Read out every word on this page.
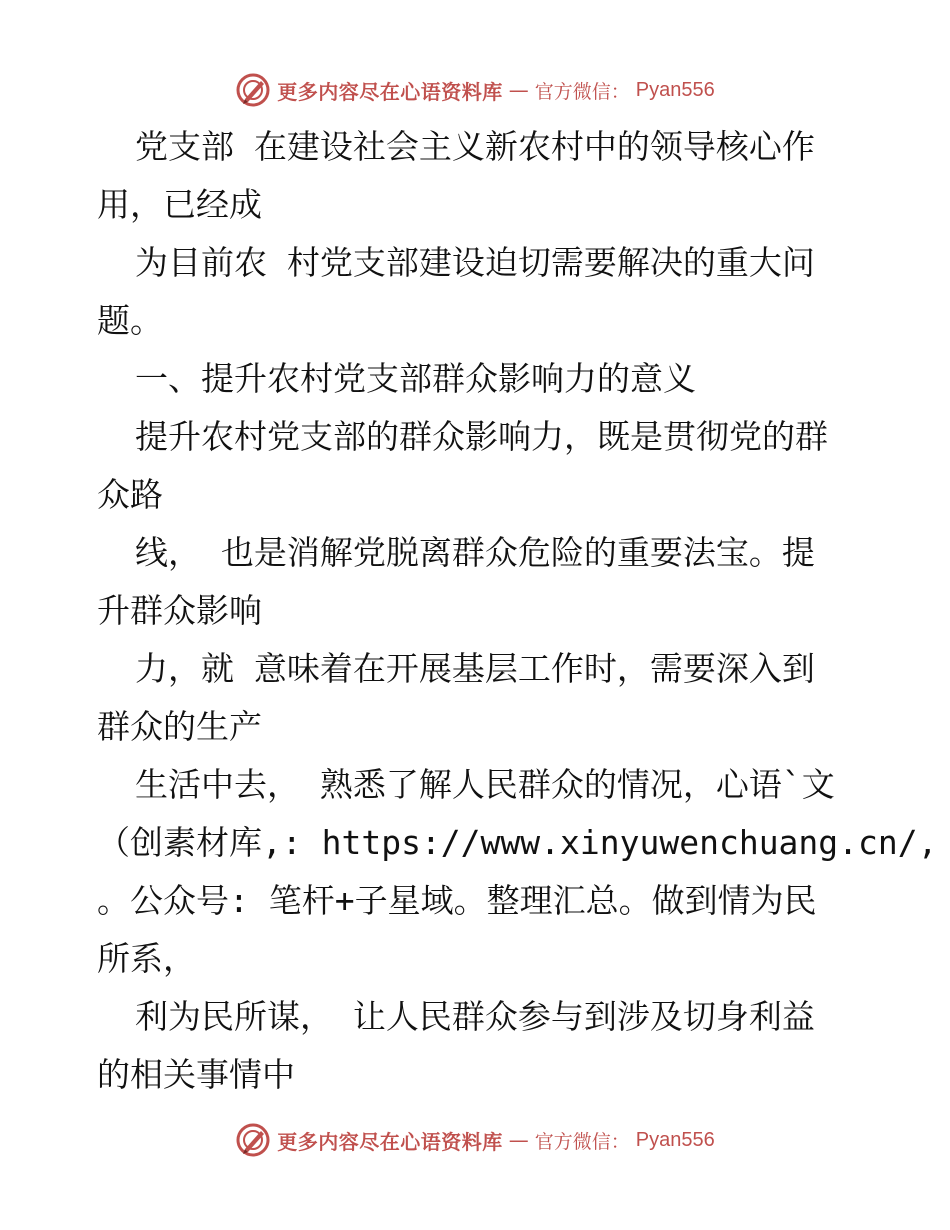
更多内容尽在心语资料库 — 官方微信： Pyan556
党支部 在建设社会主义新农村中的领导核心作
用，已经成
为目前农 村党支部建设迫切需要解决的重大问
题。
一、提升农村党支部群众影响力的意义
提升农村党支部的群众影响力，既是贯彻党的群
众路
线， 也是消解党脱离群众危险的重要法宝。提
升群众影响
力，就 意味着在开展基层工作时，需要深入到
群众的生产
生活中去， 熟悉了解人民群众的情况，心语`文
（创素材库,: https://www.xinyuwenchuang.cn/,
。公众号: 笔杆+子星域。整理汇总。做到情为民
所系，
利为民所谋， 让人民群众参与到涉及切身利益
的相关事情中
更多内容尽在心语资料库 — 官方微信： Pyan556
